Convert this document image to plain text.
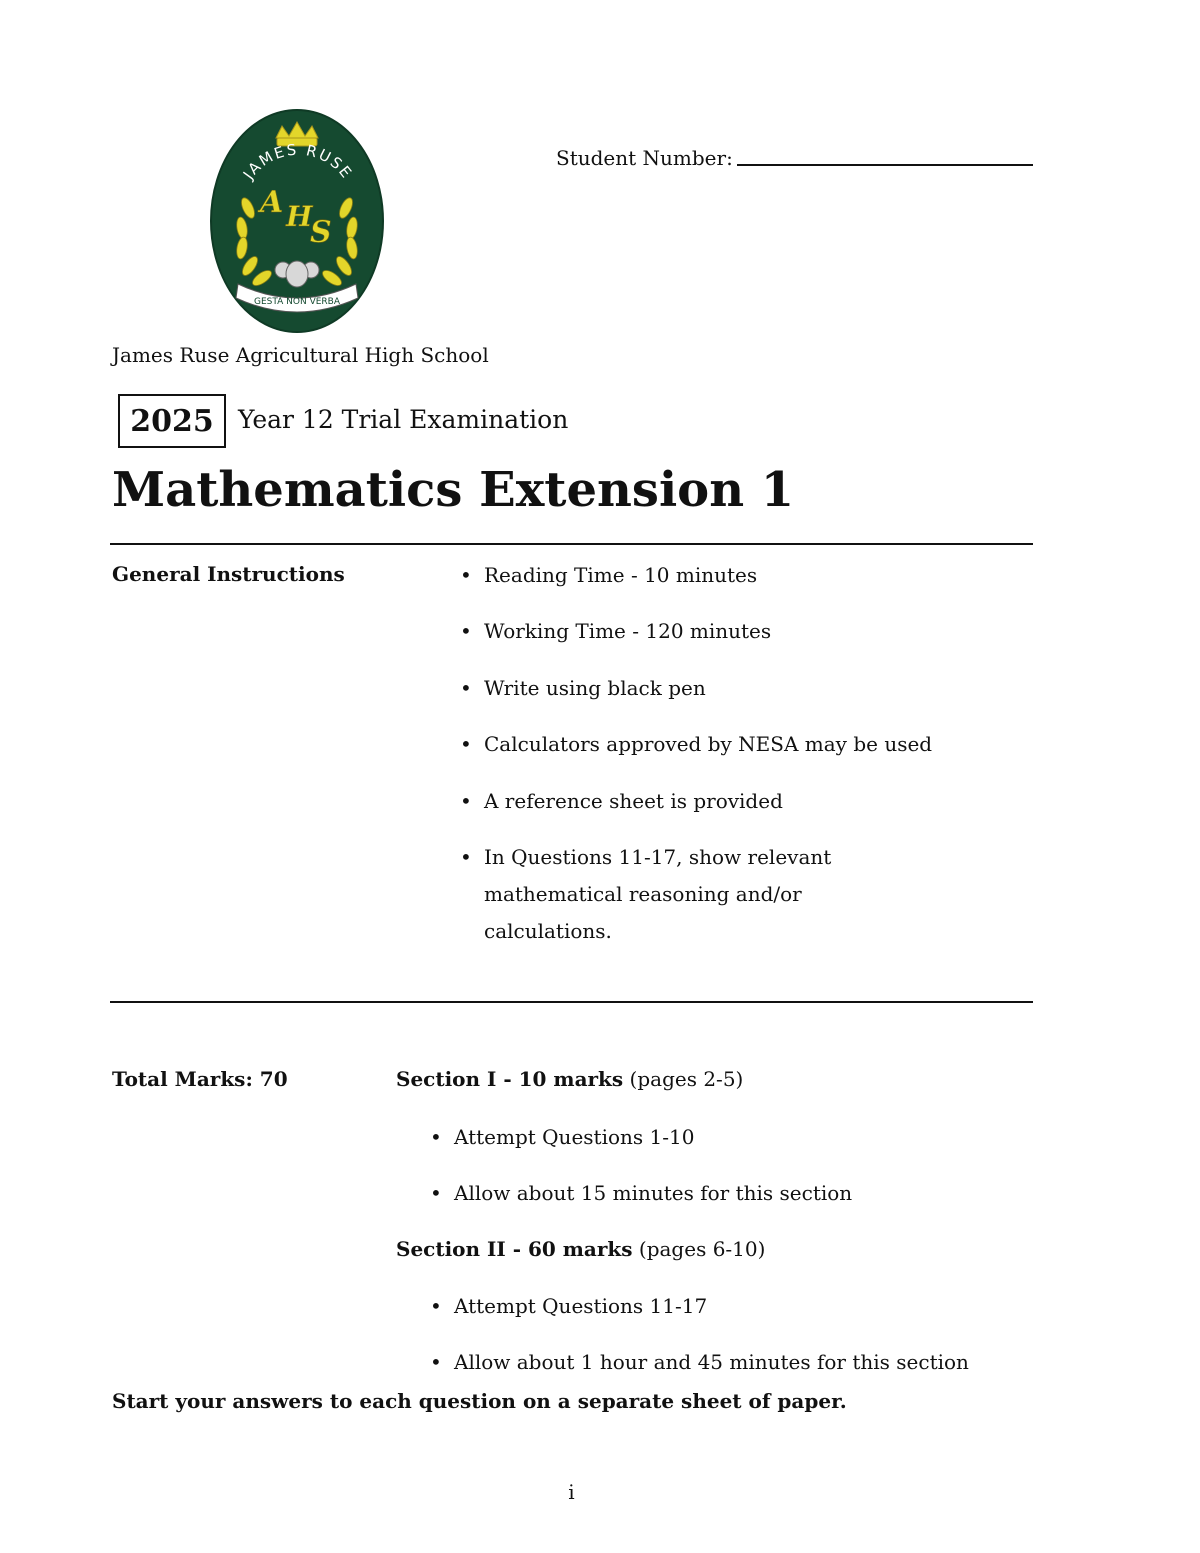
JAMES RUSE
A H
S
GESTA NON VERBA
Student Number:
James Ruse Agricultural High School
2025 Year 12 Trial Examination
Mathematics Extension 1
General Instructions
•	Reading Time - 10 minutes
• Working Time - 120 minutes
• Write using black pen
• Calculators approved by NESA may be used
• A reference sheet is provided
• In Questions 11-17, show relevant mathematical reasoning and/or calculations.
Total Marks: 70	Section I - 10 marks (pages 2-5)
• Attempt Questions 1-10
• Allow about 15 minutes for this section
Section II - 60 marks (pages 6-10)
• Attempt Questions 11-17
• Allow about 1 hour and 45 minutes for this section
Start your answers to each question on a separate sheet of paper.
i
